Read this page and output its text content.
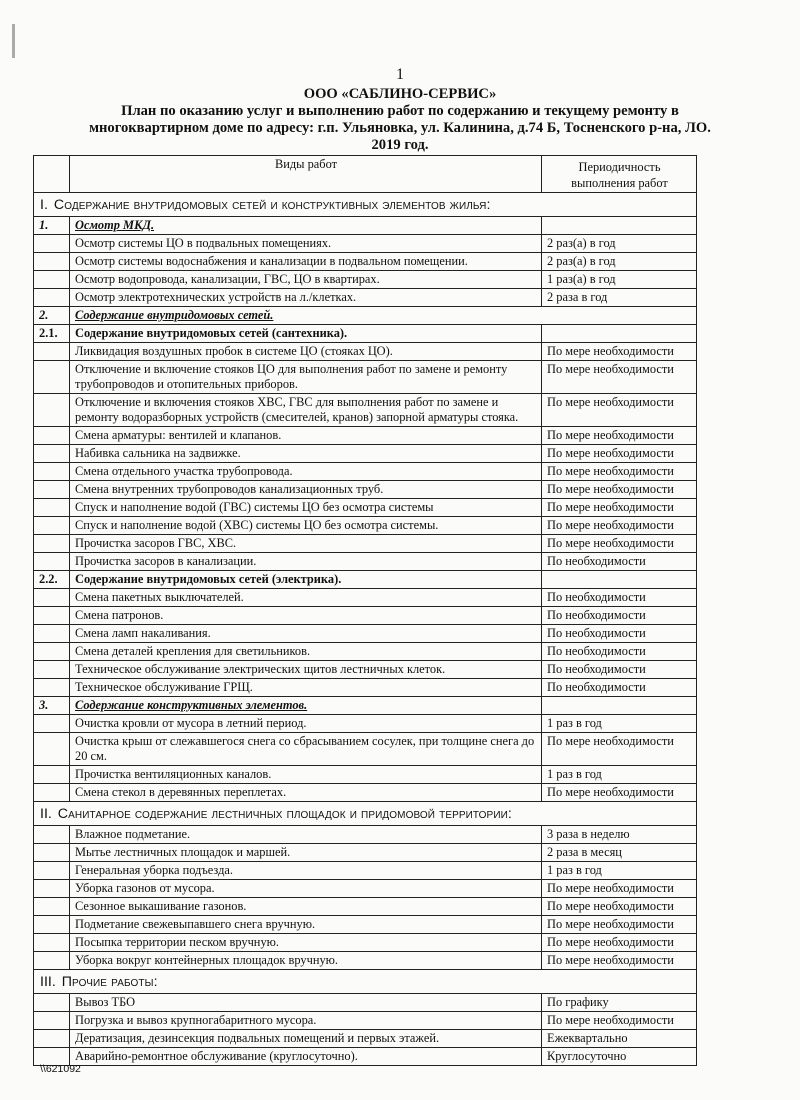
1
ООО «САБЛИНО-СЕРВИС»
План по оказанию услуг и выполнению работ по содержанию и текущему ремонту в
многоквартирном доме по адресу: г.п. Ульяновка, ул. Калинина, д.74 Б, Тосненского р-на, ЛО.
2019 год.
	Виды работ	Периодичность выполнения работ
I. Содержание внутридомовых сетей и конструктивных элементов жилья:		
1.	Осмотр МКД.	
	Осмотр системы ЦО в подвальных помещениях.	2 раз(а) в год
	Осмотр системы водоснабжения и канализации в подвальном помещении.	2 раз(а) в год
	Осмотр водопровода, канализации, ГВС, ЦО в квартирах.	1 раз(а) в год
	Осмотр электротехнических устройств на л./клетках.	2 раза в год
2.	Содержание внутридомовых сетей.	
2.1.	Содержание внутридомовых сетей (сантехника).	
	Ликвидация воздушных пробок в системе ЦО (стояках ЦО).	По мере необходимости
	Отключение и включение стояков ЦО для выполнения работ по замене и ремонту трубопроводов и отопительных приборов.	По мере необходимости
	Отключение и включения стояков ХВС, ГВС для выполнения работ по замене и ремонту водоразборных устройств (смесителей, кранов) запорной арматуры стояка.	По мере необходимости
	Смена арматуры: вентилей и клапанов.	По мере необходимости
	Набивка сальника на задвижке.	По мере необходимости
	Смена отдельного участка трубопровода.	По мере необходимости
	Смена внутренних трубопроводов канализационных труб.	По мере необходимости
	Спуск и наполнение водой (ГВС) системы ЦО без осмотра системы	По мере необходимости
	Спуск и наполнение водой (ХВС) системы ЦО без осмотра системы.	По мере необходимости
	Прочистка засоров ГВС, ХВС.	По мере необходимости
	Прочистка засоров в канализации.	По необходимости
2.2.	Содержание внутридомовых сетей (электрика).	
	Смена пакетных выключателей.	По необходимости
	Смена патронов.	По необходимости
	Смена ламп накаливания.	По необходимости
	Смена деталей крепления для светильников.	По необходимости
	Техническое обслуживание электрических щитов лестничных клеток.	По необходимости
	Техническое обслуживание ГРЩ.	По необходимости
3.	Содержание конструктивных элементов.	
	Очистка кровли от мусора в летний период.	1 раз в год
	Очистка крыш от слежавшегося снега со сбрасыванием сосулек, при толщине снега до 20 см.	По мере необходимости
	Прочистка вентиляционных каналов.	1 раз в год
	Смена стекол в деревянных переплетах.	По мере необходимости
II. Санитарное содержание лестничных площадок и придомовой территории:		
	Влажное подметание.	3 раза в неделю
	Мытье лестничных площадок и маршей.	2 раза в месяц
	Генеральная уборка подъезда.	1 раз в год
	Уборка газонов от мусора.	По мере необходимости
	Сезонное выкашивание газонов.	По мере необходимости
	Подметание свежевыпавшего снега вручную.	По мере необходимости
	Посыпка территории песком вручную.	По мере необходимости
	Уборка вокруг контейнерных площадок вручную.	По мере необходимости
III. Прочие работы:		
	Вывоз ТБО	По графику
	Погрузка и вывоз крупногабаритного мусора.	По мере необходимости
	Дератизация, дезинсекция подвальных помещений и первых этажей.	Ежеквартально
	Аварийно-ремонтное обслуживание (круглосуточно).	Круглосуточно
\\621092
